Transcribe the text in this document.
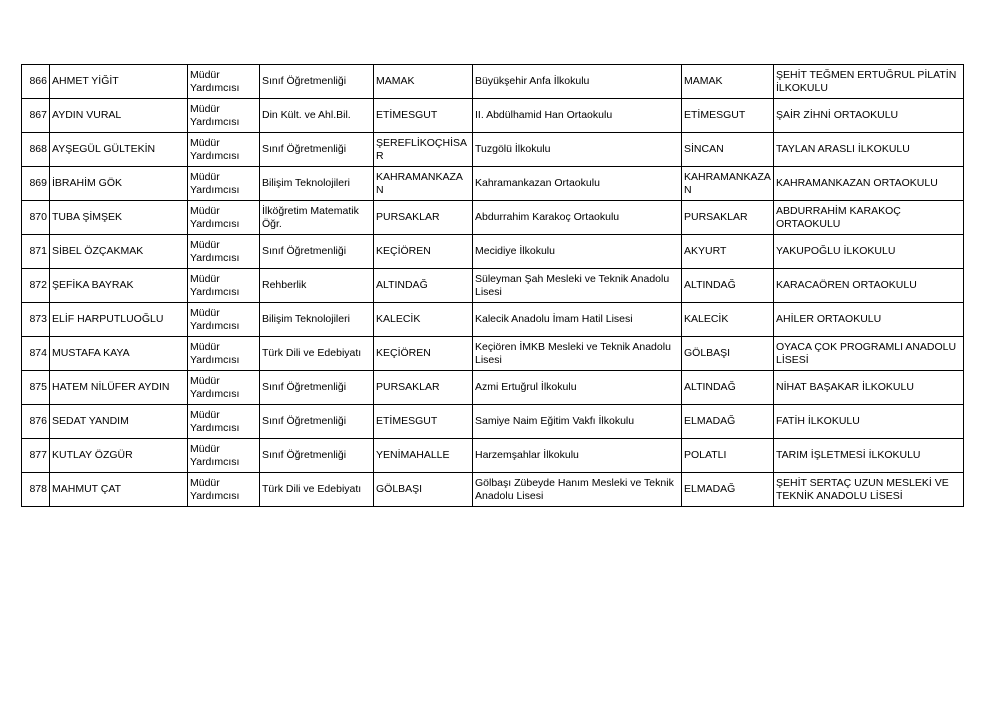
866	AHMET YİĞİT	Müdür Yardımcısı	Sınıf Öğretmenliği	MAMAK	Büyükşehir Anfa İlkokulu	MAMAK	ŞEHİT TEĞMEN ERTUĞRUL PİLATİN İLKOKULU
867	AYDIN VURAL	Müdür Yardımcısı	Din Kült. ve Ahl.Bil.	ETİMESGUT	II. Abdülhamid Han Ortaokulu	ETİMESGUT	ŞAİR ZİHNİ ORTAOKULU
868	AYŞEGÜL GÜLTEKİN	Müdür Yardımcısı	Sınıf Öğretmenliği	ŞEREFLİKOÇHİSAR	Tuzgölü İlkokulu	SİNCAN	TAYLAN ARASLI İLKOKULU
869	İBRAHİM GÖK	Müdür Yardımcısı	Bilişim Teknolojileri	KAHRAMANKAZAN	Kahramankazan Ortaokulu	KAHRAMANKAZAN	KAHRAMANKAZAN ORTAOKULU
870	TUBA ŞİMŞEK	Müdür Yardımcısı	İlköğretim Matematik Öğr.	PURSAKLAR	Abdurrahim Karakoç Ortaokulu	PURSAKLAR	ABDURRAHİM KARAKOÇ ORTAOKULU
871	SİBEL ÖZÇAKMAK	Müdür Yardımcısı	Sınıf Öğretmenliği	KEÇİÖREN	Mecidiye İlkokulu	AKYURT	YAKUPOĞLU İLKOKULU
872	ŞEFİKA BAYRAK	Müdür Yardımcısı	Rehberlik	ALTINDAĞ	Süleyman Şah Mesleki ve Teknik Anadolu Lisesi	ALTINDAĞ	KARACAÖREN ORTAOKULU
873	ELİF HARPUTLUOĞLU	Müdür Yardımcısı	Bilişim Teknolojileri	KALECİK	Kalecik Anadolu İmam Hatil Lisesi	KALECİK	AHİLER ORTAOKULU
874	MUSTAFA KAYA	Müdür Yardımcısı	Türk Dili ve Edebiyatı	KEÇİÖREN	Keçiören İMKB Mesleki ve Teknik Anadolu Lisesi	GÖLBAŞI	OYACA ÇOK PROGRAMLI ANADOLU LİSESİ
875	HATEM NİLÜFER AYDIN	Müdür Yardımcısı	Sınıf Öğretmenliği	PURSAKLAR	Azmi Ertuğrul İlkokulu	ALTINDAĞ	NİHAT BAŞAKAR İLKOKULU
876	SEDAT YANDIM	Müdür Yardımcısı	Sınıf Öğretmenliği	ETİMESGUT	Samiye Naim Eğitim Vakfı İlkokulu	ELMADAĞ	FATİH İLKOKULU
877	KUTLAY ÖZGÜR	Müdür Yardımcısı	Sınıf Öğretmenliği	YENİMAHALLE	Harzemşahlar İlkokulu	POLATLI	TARIM İŞLETMESİ İLKOKULU
878	MAHMUT ÇAT	Müdür Yardımcısı	Türk Dili ve Edebiyatı	GÖLBAŞI	Gölbaşı Zübeyde Hanım Mesleki ve Teknik Anadolu Lisesi	ELMADAĞ	ŞEHİT SERTAÇ UZUN MESLEKİ VE TEKNİK ANADOLU LİSESİ
